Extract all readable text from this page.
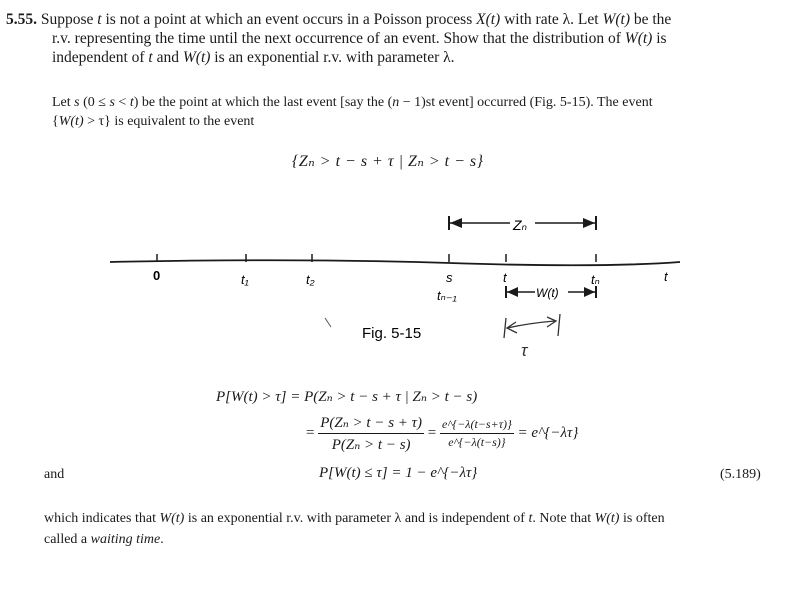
5.55. Suppose t is not a point at which an event occurs in a Poisson process X(t) with rate λ. Let W(t) be the
r.v. representing the time until the next occurrence of an event. Show that the distribution of W(t) is
independent of t and W(t) is an exponential r.v. with parameter λ.
Let s (0 ≤ s < t) be the point at which the last event [say the (n − 1)st event] occurred (Fig. 5-15). The event
{W(t) > τ} is equivalent to the event
{Zₙ > t − s + τ | Zₙ > t − s}
Zₙ
0	t₁	t₂	s
tₙ₋₁
t	tₙ	t
W(t)
τ
Fig. 5-15
P[W(t) > τ] = P(Zₙ > t − s + τ | Zₙ > t − s)
= $\frac{\text{P(Zₙ > t − s + τ)}}{\text{P(Zₙ > t − s)}} = \frac{e\^{}\{-\lambda(t-s+\tau)\}}{e\^{}\{-\lambda(t-s)\}}$ = e^{−λτ}
and	P[W(t) ≤ τ] = 1 − e^{−λτ}	(5.189)
which indicates that W(t) is an exponential r.v. with parameter λ and is independent of t. Note that W(t) is often
called a waiting time.
